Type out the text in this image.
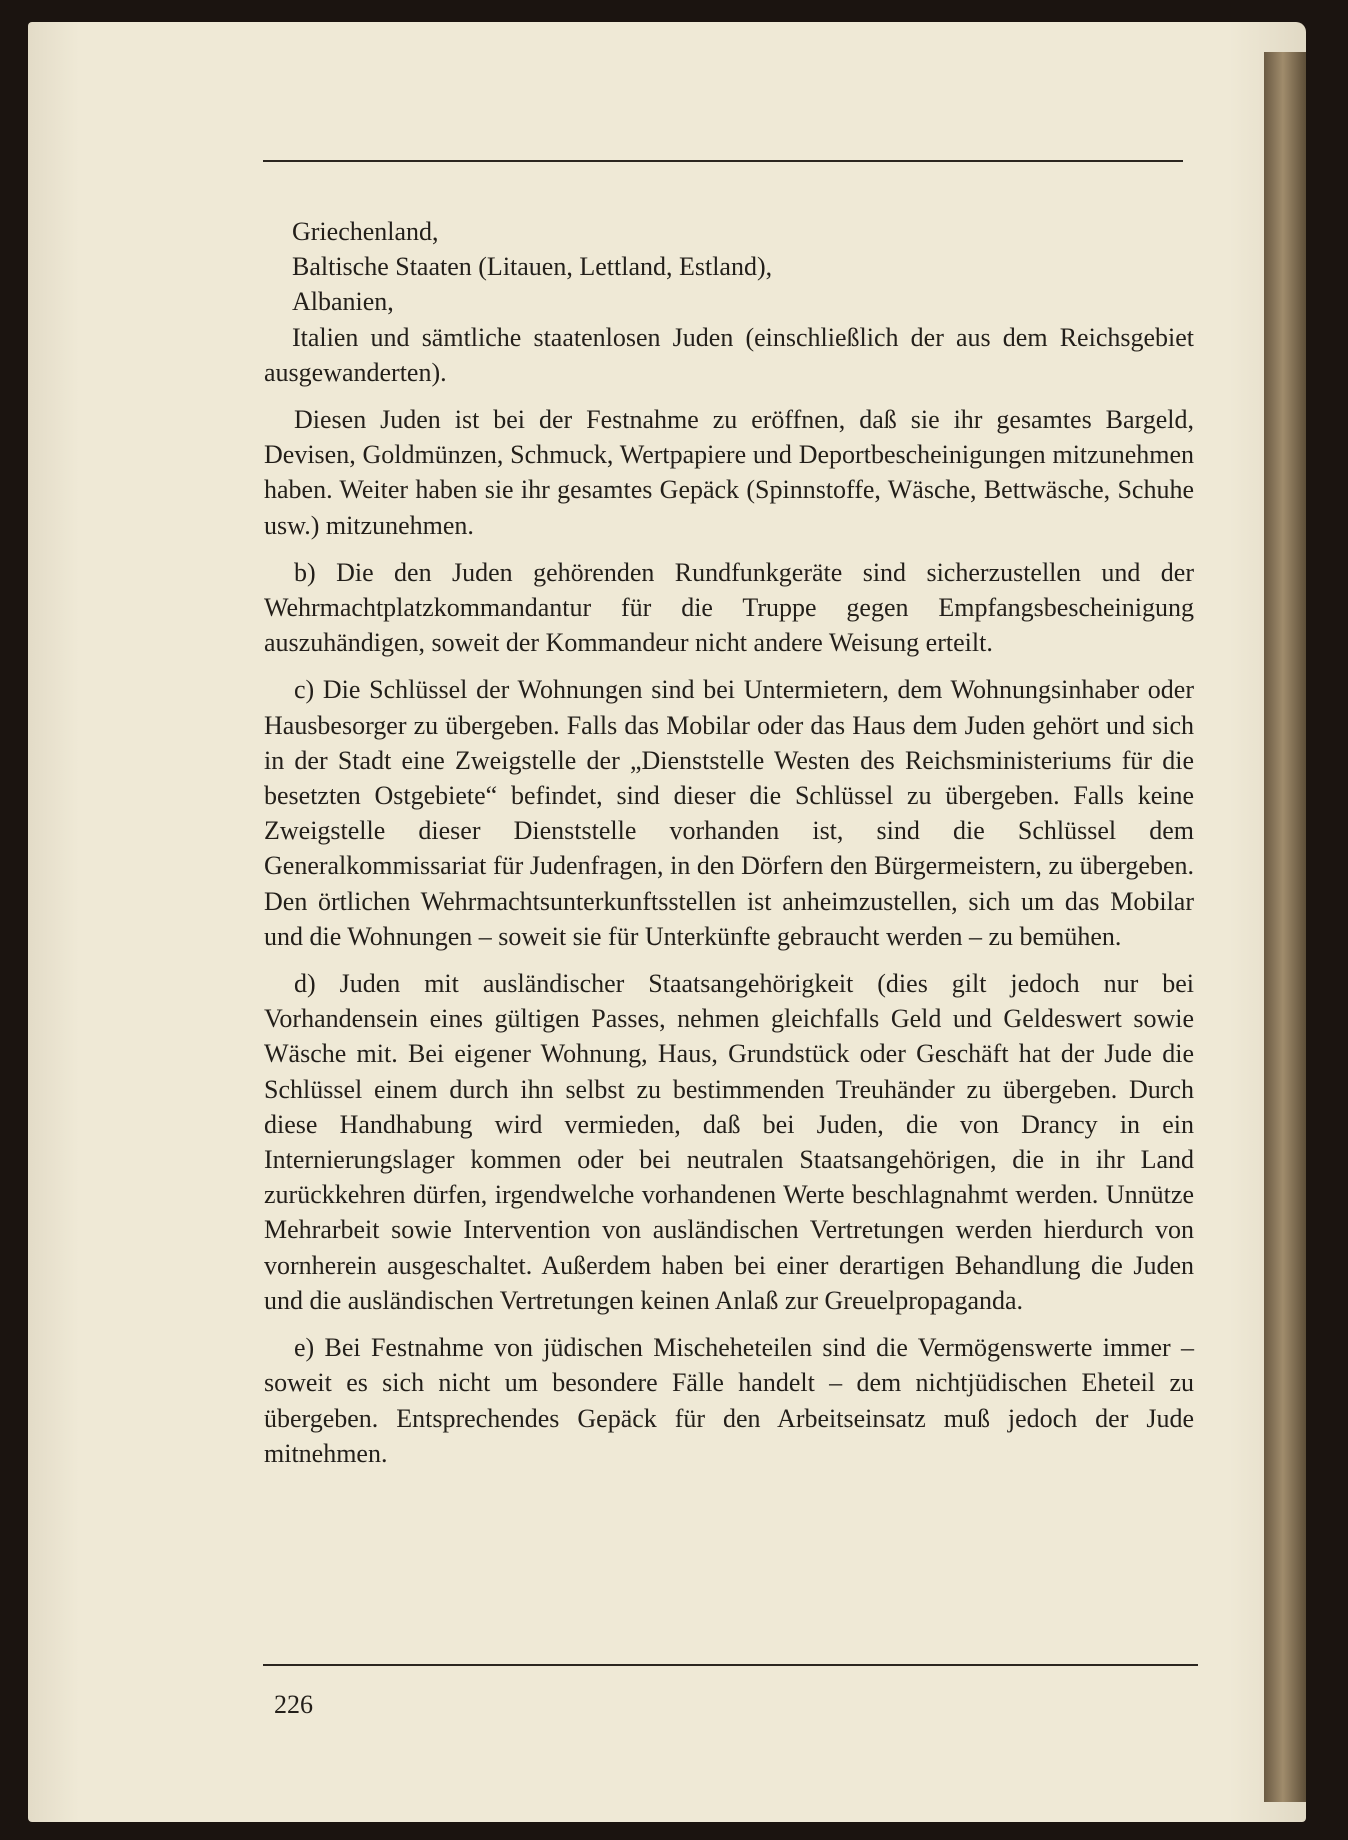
Griechenland,

Baltische Staaten (Litauen, Lettland, Estland),

Albanien,

Italien und sämtliche staatenlosen Juden (einschließlich der aus dem Reichsgebiet ausgewanderten).

Diesen Juden ist bei der Festnahme zu eröffnen, daß sie ihr gesamtes Bargeld, Devisen, Goldmünzen, Schmuck, Wertpapiere und Deportbescheinigungen mitzunehmen haben. Weiter haben sie ihr gesamtes Gepäck (Spinnstoffe, Wäsche, Bettwäsche, Schuhe usw.) mitzunehmen.

b) Die den Juden gehörenden Rundfunkgeräte sind sicherzustellen und der Wehrmachtplatzkommandantur für die Truppe gegen Empfangsbescheinigung auszuhändigen, soweit der Kommandeur nicht andere Weisung erteilt.

c) Die Schlüssel der Wohnungen sind bei Untermietern, dem Wohnungsinhaber oder Hausbesorger zu übergeben. Falls das Mobilar oder das Haus dem Juden gehört und sich in der Stadt eine Zweigstelle der „Dienststelle Westen des Reichsministeriums für die besetzten Ostgebiete“ befindet, sind dieser die Schlüssel zu übergeben. Falls keine Zweigstelle dieser Dienststelle vorhanden ist, sind die Schlüssel dem Generalkommissariat für Judenfragen, in den Dörfern den Bürgermeistern, zu übergeben. Den örtlichen Wehrmachtsunterkunftsstellen ist anheimzustellen, sich um das Mobilar und die Wohnungen – soweit sie für Unterkünfte gebraucht werden – zu bemühen.

d) Juden mit ausländischer Staatsangehörigkeit (dies gilt jedoch nur bei Vorhandensein eines gültigen Passes, nehmen gleichfalls Geld und Geldeswert sowie Wäsche mit. Bei eigener Wohnung, Haus, Grundstück oder Geschäft hat der Jude die Schlüssel einem durch ihn selbst zu bestimmenden Treuhänder zu übergeben. Durch diese Handhabung wird vermieden, daß bei Juden, die von Drancy in ein Internierungslager kommen oder bei neutralen Staatsangehörigen, die in ihr Land zurückkehren dürfen, irgendwelche vorhandenen Werte beschlagnahmt werden. Unnütze Mehrarbeit sowie Intervention von ausländischen Vertretungen werden hierdurch von vornherein ausgeschaltet. Außerdem haben bei einer derartigen Behandlung die Juden und die ausländischen Vertretungen keinen Anlaß zur Greuelpropaganda.

e) Bei Festnahme von jüdischen Mischeheteilen sind die Vermögenswerte immer – soweit es sich nicht um besondere Fälle handelt – dem nichtjüdischen Eheteil zu übergeben. Entsprechendes Gepäck für den Arbeitseinsatz muß jedoch der Jude mitnehmen.

226
